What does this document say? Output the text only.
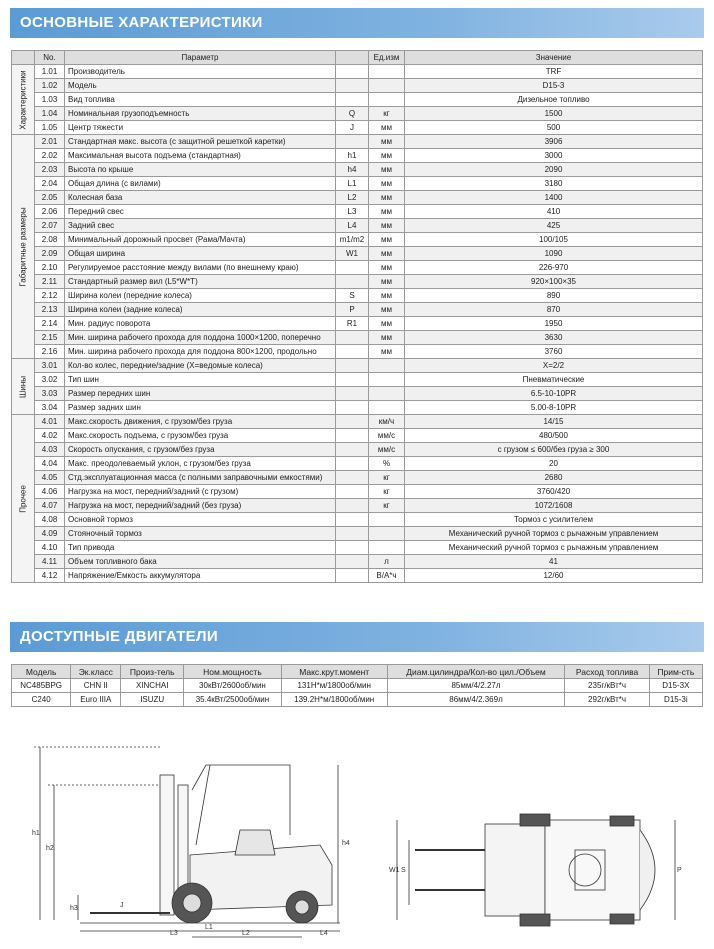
ОСНОВНЫЕ ХАРАКТЕРИСТИКИ
	No.	Параметр		Ед.изм	Значение

Характеристики	1.01	Производитель			TRF
	1.02	Модель			D15-3
	1.03	Вид топлива			Дизельное топливо
	1.04	Номинальная грузоподъемность	Q	кг	1500
	1.05	Центр тяжести	J	мм	500

Габаритные размеры	2.01	Стандартная макс. высота (с защитной решеткой каретки)		мм	3906
	2.02	Максимальная высота подъема (стандартная)	h1	мм	3000
	2.03	Высота по крыше	h4	мм	2090
	2.04	Общая длина (с вилами)	L1	мм	3180
	2.05	Колесная база	L2	мм	1400
	2.06	Передний свес	L3	мм	410
	2.07	Задний свес	L4	мм	425
	2.08	Минимальный дорожный просвет (Рама/Мачта)	m1/m2	мм	100/105
	2.09	Общая ширина	W1	мм	1090
	2.10	Регулируемое расстояние между вилами (по внешнему краю)		мм	226-970
	2.11	Стандартный размер вил (L5*W*T)		мм	920×100×35
	2.12	Ширина колеи (передние колеса)	S	мм	890
	2.13	Ширина колеи (задние колеса)	P	мм	870
	2.14	Мин. радиус поворота	R1	мм	1950
	2.15	Мин. ширина рабочего прохода для поддона 1000×1200, поперечно		мм	3630
	2.16	Мин. ширина рабочего прохода для поддона 800×1200, продольно		мм	3760

Шины	3.01	Кол-во колес, передние/задние (X=ведомые колеса)			X=2/2
	3.02	Тип шин			Пневматические
	3.03	Размер передних шин			6.5-10-10PR
	3.04	Размер задних шин			5.00-8-10PR

Прочее	4.01	Макс.скорость движения, с грузом/без груза		км/ч	14/15
	4.02	Макс.скорость подъема, с грузом/без груза		мм/с	480/500
	4.03	Скорость опускания, с грузом/без груза		мм/с	с грузом ≤ 600/без груза ≥ 300
	4.04	Макс. преодолеваемый уклон, с грузом/без груза		%	20
	4.05	Стд.эксплуатационная масса (с полными заправочными емкостями)		кг	2680
	4.06	Нагрузка на мост, передний/задний (с грузом)		кг	3760/420
	4.07	Нагрузка на мост, передний/задний (без груза)		кг	1072/1608
	4.08	Основной тормоз			Тормоз с усилителем
	4.09	Стояночный тормоз			Механический ручной тормоз с рычажным управлением
	4.10	Тип привода			Механический ручной тормоз с рычажным управлением
	4.11	Объем топливного бака		л	41
	4.12	Напряжение/Емкость аккумулятора		В/А*ч	12/60
ДОСТУПНЫЕ ДВИГАТЕЛИ
Модель	Эк.класс	Произ-тель	Ном.мощность	Макс.крут.момент	Диам.цилиндра/Кол-во цил./Объем	Расход топлива	Прим-сть
NC485BPG	CHN II	XINCHAI	30кВт/2600об/мин	131Н*м/1800об/мин	85мм/4/2.27л	235г/кВт*ч	D15-3X
C240	Euro IIIA	ISUZU	35.4кВт/2500об/мин	139.2Н*м/1800об/мин	86мм/4/2.369л	292г/кВт*ч	D15-3i
h1
h2
h3
h4
J
L1
L2
L3	L4
W1 S	P
